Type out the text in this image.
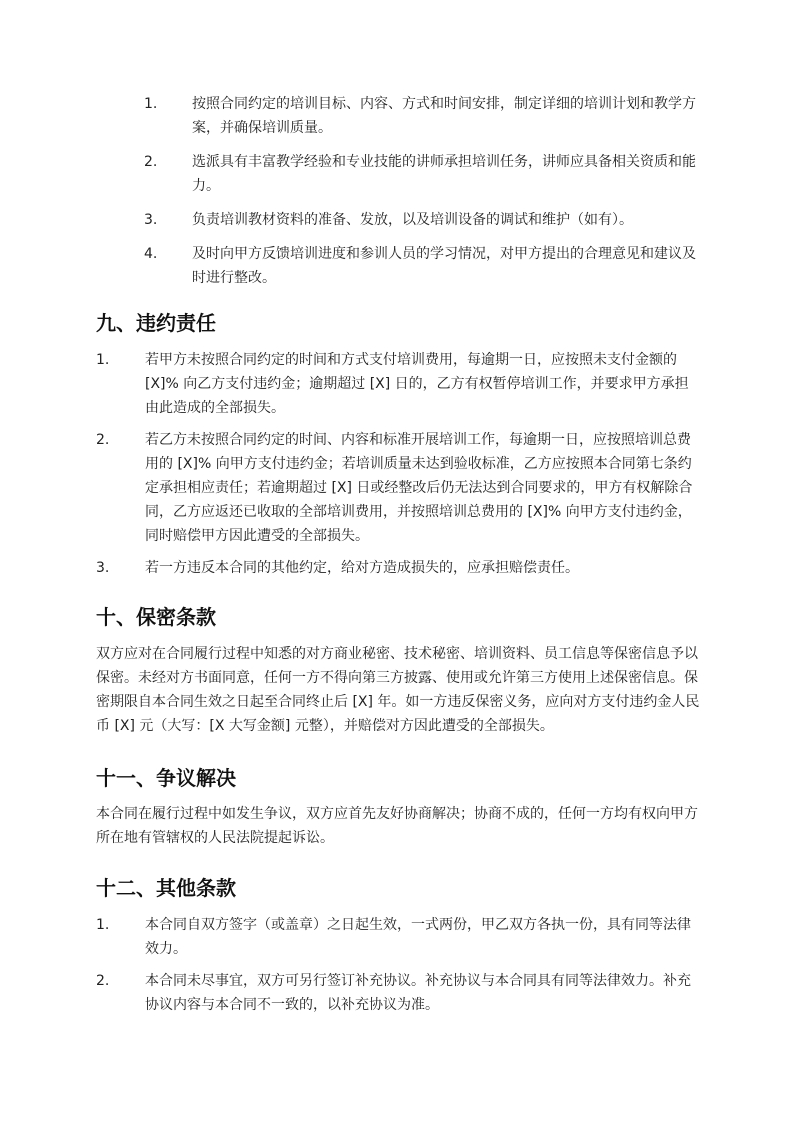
1. 按照合同约定的培训目标、内容、方式和时间安排，制定详细的培训计划和教学方案，并确保培训质量。
2. 选派具有丰富教学经验和专业技能的讲师承担培训任务，讲师应具备相关资质和能力。
3. 负责培训教材资料的准备、发放，以及培训设备的调试和维护（如有）。
4. 及时向甲方反馈培训进度和参训人员的学习情况，对甲方提出的合理意见和建议及时进行整改。
九、违约责任
1.	若甲方未按照合同约定的时间和方式支付培训费用，每逾期一日，应按照未支付金额的 [X]% 向乙方支付违约金；逾期超过 [X] 日的，乙方有权暂停培训工作，并要求甲方承担由此造成的全部损失。
2.	若乙方未按照合同约定的时间、内容和标准开展培训工作，每逾期一日，应按照培训总费用的 [X]% 向甲方支付违约金；若培训质量未达到验收标准，乙方应按照本合同第七条约定承担相应责任；若逾期超过 [X] 日或经整改后仍无法达到合同要求的，甲方有权解除合同，乙方应返还已收取的全部培训费用，并按照培训总费用的 [X]% 向甲方支付违约金，同时赔偿甲方因此遭受的全部损失。
3.	若一方违反本合同的其他约定，给对方造成损失的，应承担赔偿责任。
十、保密条款

双方应对在合同履行过程中知悉的对方商业秘密、技术秘密、培训资料、员工信息等保密信息予以保密。未经对方书面同意，任何一方不得向第三方披露、使用或允许第三方使用上述保密信息。保密期限自本合同生效之日起至合同终止后 [X] 年。如一方违反保密义务，应向对方支付违约金人民币 [X] 元（大写：[X 大写金额] 元整），并赔偿对方因此遭受的全部损失。

十一、争议解决

本合同在履行过程中如发生争议，双方应首先友好协商解决；协商不成的，任何一方均有权向甲方所在地有管辖权的人民法院提起诉讼。

十二、其他条款
1.	本合同自双方签字（或盖章）之日起生效，一式两份，甲乙双方各执一份，具有同等法律效力。
2.	本合同未尽事宜，双方可另行签订补充协议。补充协议与本合同具有同等法律效力。补充协议内容与本合同不一致的，以补充协议为准。
